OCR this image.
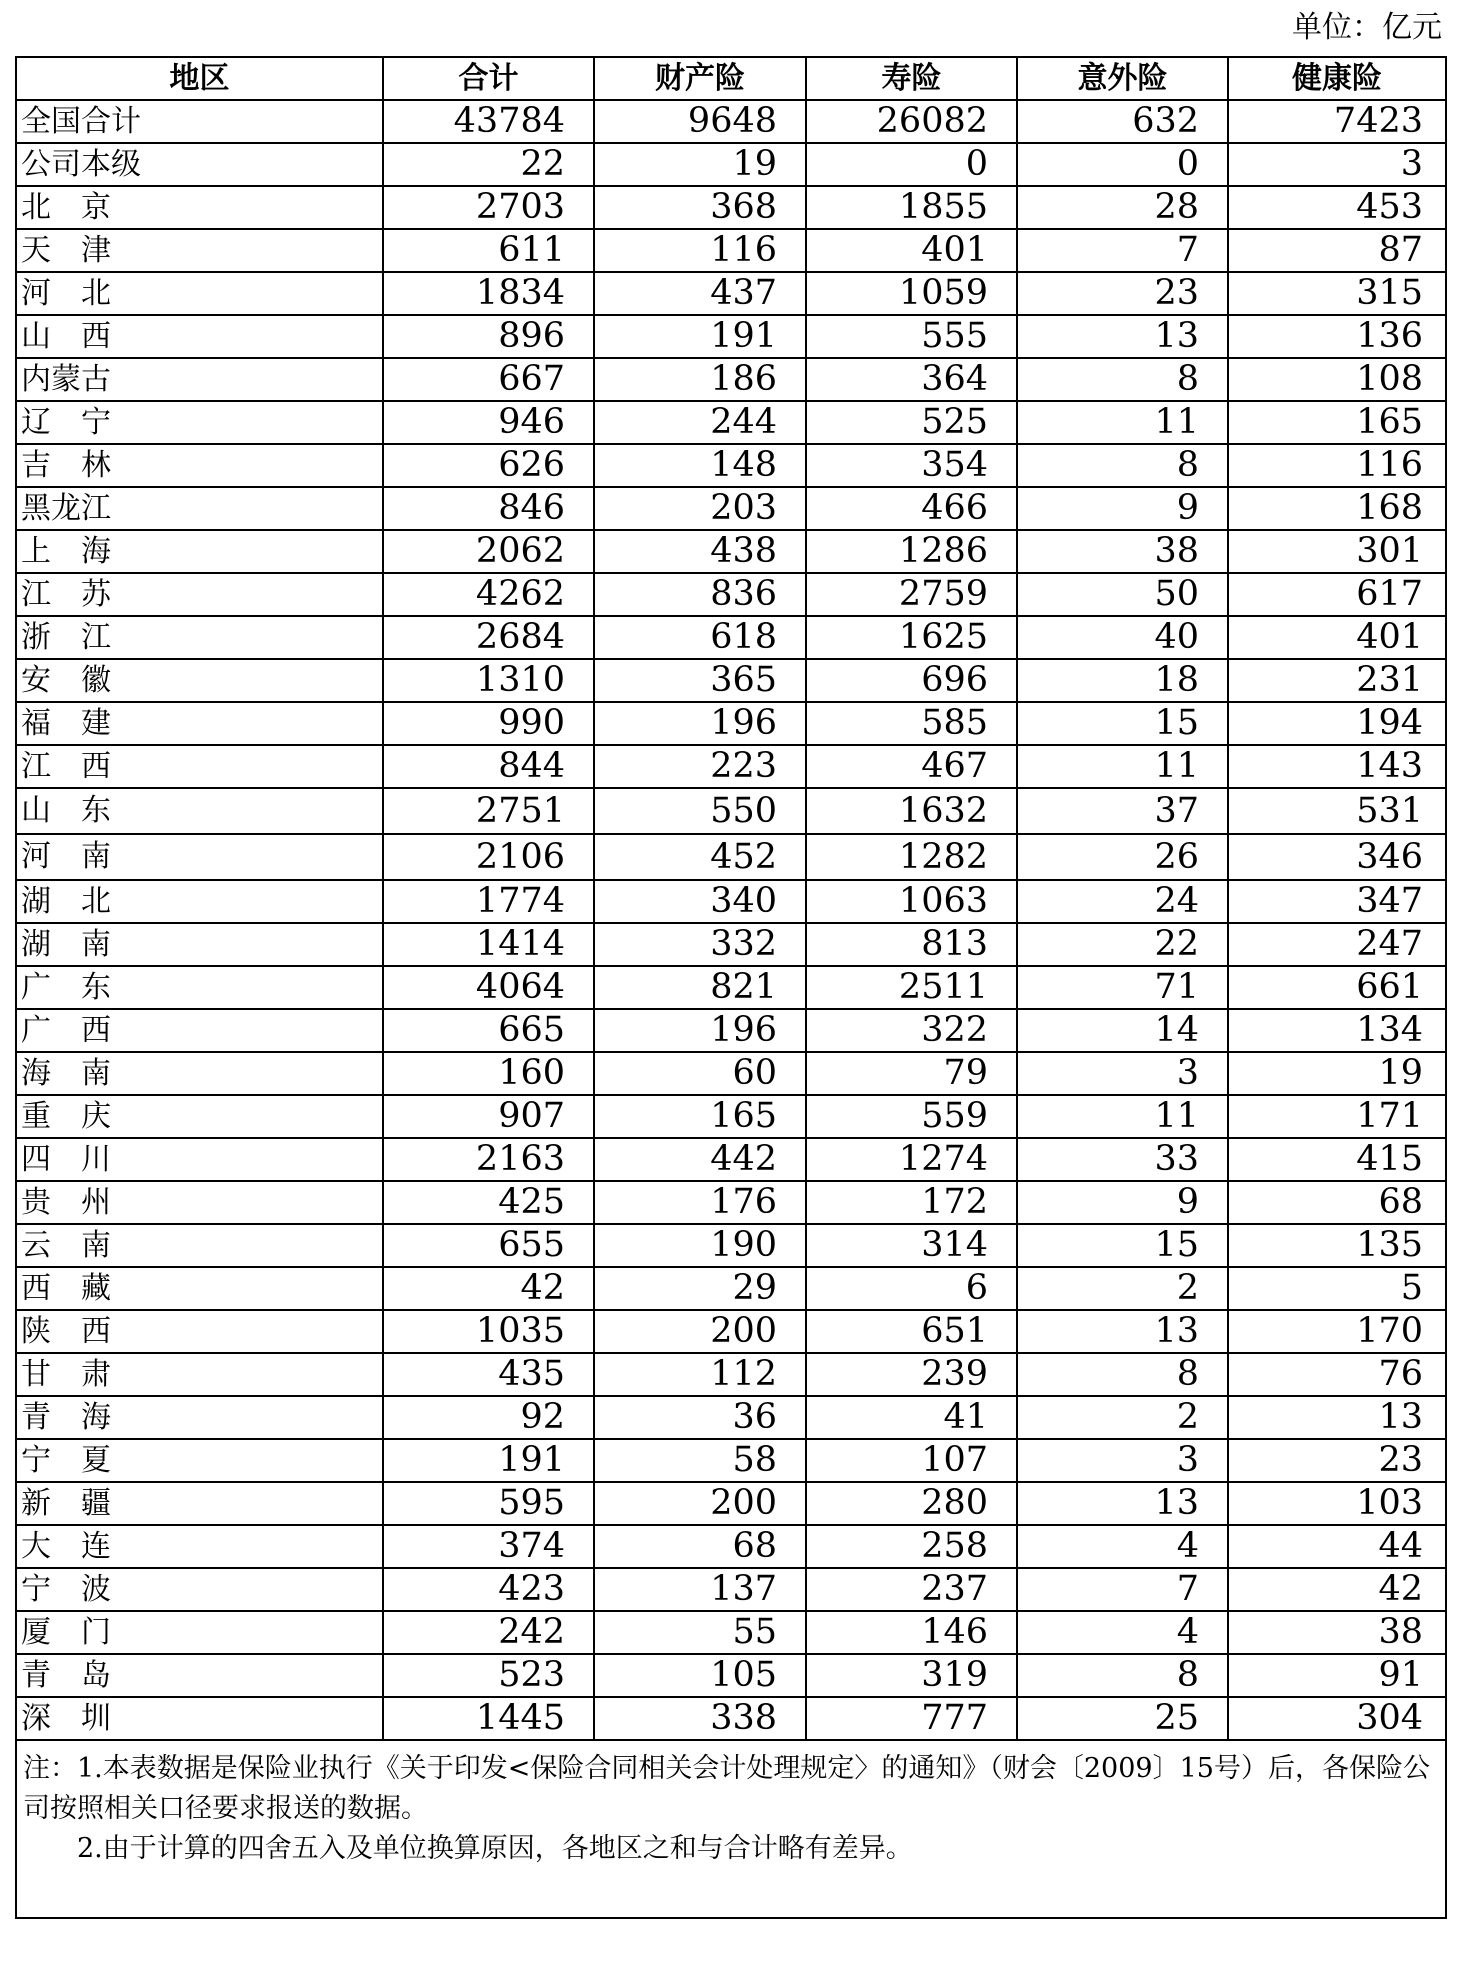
单位：亿元
地区	合计	财产险	寿险	意外险	健康险
全国合计	43784	9648	26082	632	7423
公司本级	22	19	0	0	3
北　京	2703	368	1855	28	453
天　津	611	116	401	7	87
河　北	1834	437	1059	23	315
山　西	896	191	555	13	136
内蒙古	667	186	364	8	108
辽　宁	946	244	525	11	165
吉　林	626	148	354	8	116
黑龙江	846	203	466	9	168
上　海	2062	438	1286	38	301
江　苏	4262	836	2759	50	617
浙　江	2684	618	1625	40	401
安　徽	1310	365	696	18	231
福　建	990	196	585	15	194
江　西	844	223	467	11	143
山　东	2751	550	1632	37	531
河　南	2106	452	1282	26	346
湖　北	1774	340	1063	24	347
湖　南	1414	332	813	22	247
广　东	4064	821	2511	71	661
广　西	665	196	322	14	134
海　南	160	60	79	3	19
重　庆	907	165	559	11	171
四　川	2163	442	1274	33	415
贵　州	425	176	172	9	68
云　南	655	190	314	15	135
西　藏	42	29	6	2	5
陕　西	1035	200	651	13	170
甘　肃	435	112	239	8	76
青　海	92	36	41	2	13
宁　夏	191	58	107	3	23
新　疆	595	200	280	13	103
大　连	374	68	258	4	44
宁　波	423	137	237	7	42
厦　门	242	55	146	4	38
青　岛	523	105	319	8	91
深　圳	1445	338	777	25	304

注：1.本表数据是保险业执行《关于印发<保险合同相关会计处理规定〉的通知》（财会〔2009〕15号）后，各保险公司按照相关口径要求报送的数据。
2.由于计算的四舍五入及单位换算原因，各地区之和与合计略有差异。					
